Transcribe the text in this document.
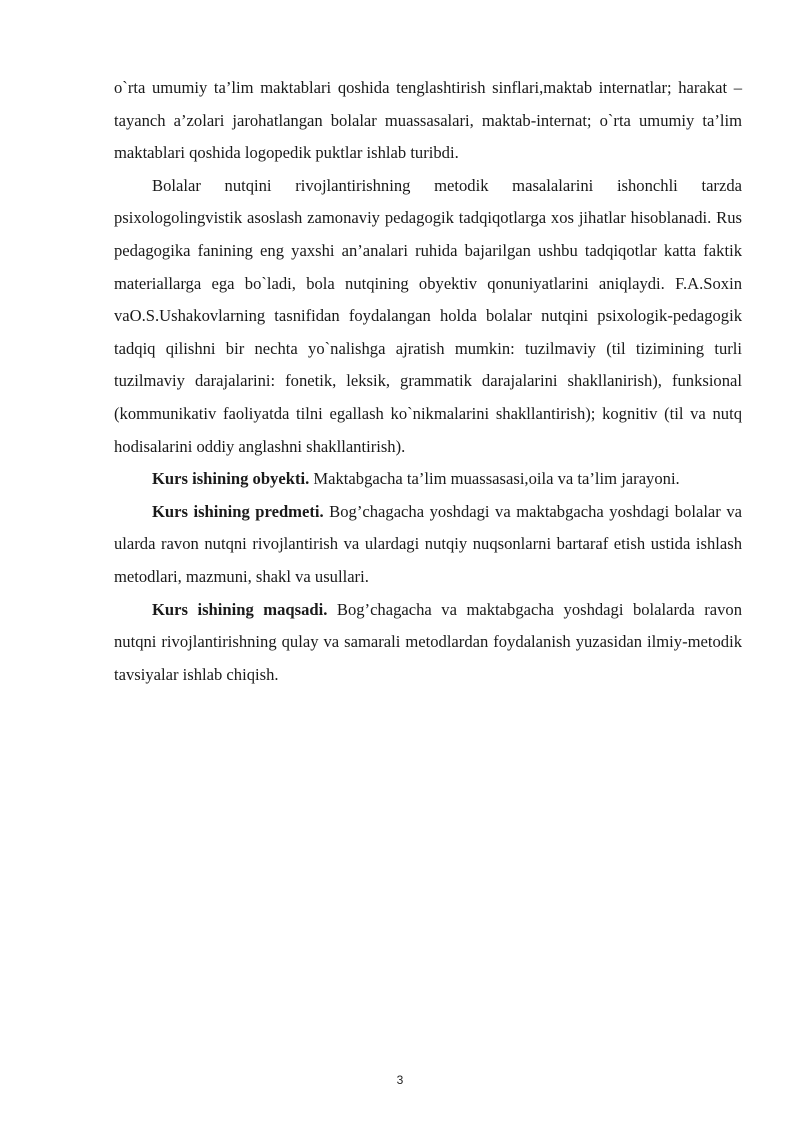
o`rta umumiy ta’lim maktablari qoshida tenglashtirish sinflari,maktab internatlar; harakat – tayanch a’zolari jarohatlangan bolalar muassasalari, maktab-internat; o`rta umumiy ta’lim maktablari qoshida logopedik puktlar ishlab turibdi.

Bolalar nutqini rivojlantirishning metodik masalalarini ishonchli tarzda psixologolingvistik asoslash zamonaviy pedagogik tadqiqotlarga xos jihatlar hisoblanadi. Rus pedagogika fanining eng yaxshi an’analari ruhida bajarilgan ushbu tadqiqotlar katta faktik materiallarga ega bo`ladi, bola nutqining obyektiv qonuniyatlarini aniqlaydi. F.A.Soxin vaO.S.Ushakovlarning tasnifidan foydalangan holda bolalar nutqini psixologik-pedagogik tadqiq qilishni bir nechta yo`nalishga ajratish mumkin: tuzilmaviy (til tizimining turli tuzilmaviy darajalarini: fonetik, leksik, grammatik darajalarini shakllanirish), funksional (kommunikativ faoliyatda tilni egallash ko`nikmalarini shakllantirish); kognitiv (til va nutq hodisalarini oddiy anglashni shakllantirish).

Kurs ishining obyekti. Maktabgacha ta’lim muassasasi,oila va ta’lim jarayoni.

Kurs ishining predmeti. Bog’chagacha yoshdagi va maktabgacha yoshdagi bolalar va ularda ravon nutqni rivojlantirish va ulardagi nutqiy nuqsonlarni bartaraf etish ustida ishlash metodlari, mazmuni, shakl va usullari.

Kurs ishining maqsadi. Bog’chagacha va maktabgacha yoshdagi bolalarda ravon nutqni rivojlantirishning qulay va samarali metodlardan foydalanish yuzasidan ilmiy-metodik tavsiyalar ishlab chiqish.

3
